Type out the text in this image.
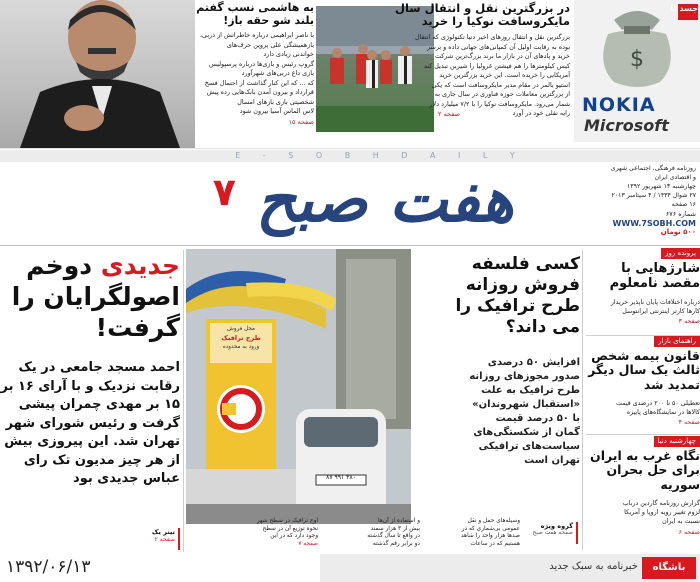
به هاشمی نسب گفتم
بلند شو حقه باز!
با ناصر ابراهیمی درباره خاطراتش از ذربی،
بازهمیشگی علی پروین حرف‌های
خواندنی زیادی دارد
گروپ رئیس و بازی‌ها درباره پرسپولیس
بازی داغ دربی‌های شهرآورد
که ... که این کنار گذاشت از احتمال فسخ
قرارداد و بیرون آمدن بانک‌هایی رده پیش
شخصیتی بازی بازهای امسال
لاس الماس آسیا بیرون شود
صفحه ۱۵
در بزرگترین نقل و انتقال سال
مایکروسافت نوکیا را خرید
بزرگترین نقل و انتقال روزهای اخیر دنیا تکنولوژی که انتقال
بوده به رقابت اولیل آن کمپانی‌های جهانی داده و برسر
خرید و پادهای آن در بازار ما برند بزرگ‌ترین شرکت
کیس کیلومترها را هم فیشتن غرولیا را شیرین تبدیل کند
آمریکایی را خریده است. این خرید بزرگترین خرید
استیو بالمر در مقام مدیر مایکروسافت است که یکی
از بزرگترین معاملات حوزه فناوری در سال جاری به
شمار می‌رود. مایکروسافت نوکیا را با ۷/۲ میلیارد دلار
رایه نقلی خود در آورد
صفحه ۲
$
جسد ثا
NOKIA
Microsoft
E - S O B H D A I L Y
هفت صبح
۷
روزنامه فرهنگی، اجتماعی شهری
و اقتصادی ایران
چهارشنبه ۱۳ شهریور ۱۳۹۲
۲۷ شوال ۱۴۳۴ / ۴ سپتامبر ۲۰۱۳
۱۶ صفحه
شماره ۶۷۶
WWW.7SOBH.COM
۵۰۰ تومان
پرونده روز
شارژهایی با
مقصد نامعلوم
درباره اختلافات پایان ناپذیر خریدار
کارها کارتر اینترنتی ایرانتوسل
صفحه ۳
راهنمای بازار
قانون بیمه شخص
ثالث یک سال دیگر
تمدید شد
تعطیلی ۵۰ تا ۲۰۰ درصدی قیمت
کالاها در نمایشگاه‌های پاییزه
صفحه ۴
چهارشنبه دنیا
نگاه غرب به ایران
برای حل بحران
سوریه
گزارش روزنامه گاردین درباب
لزوم تغییر رویه اروپا و آمریکا
نسبت به ایران
صفحه ۶
خبرنامه به سبک جدید	باشگاه
محل فروش
طرح ترافیک
ورود به محدوده
۳۸۰ ۹۹۱ ۸۷
کسی فلسفه
فروش روزانه
طرح ترافیک را
می داند؟
افزایش ۵۰ درصدی
صدور مجوزهای روزانه
طرح ترافیک به علت
«استقبال شهروندان»
با ۵۰ درصد قیمت
گمان از شکستگی‌های
سیاست‌های ترافیکی
تهران است
وسیله‌های حمل و نقل
عمومی بی‌شماری که در
صدها هزار واحد را شاهد
هستیم که در ساعات
و استفاده از آن‌ها
بیش از ۳ هزار سمند
در واقع تا سال گذشته
دو برابر رقم گذشته
اوج ترافیک در سطح شهر
نحوه توزیع آن در سطح
وجود دارد که در این
صفحه ۷
گروه ویژه
صفحه هفت صبح
جدیدی دوخم
اصولگرایان را
گرفت!
احمد مسجد جامعی در یک
رقابت نزدیک و با آرای ۱۶ بر
۱۵ بر مهدی چمران پیشی
گرفت و رئیس شورای شهر
تهران شد. این پیروزی بیش
از هر چیز مدیون تک رای
عباس جدیدی بود
تیتر یک
صفحه ۲
۱۳۹۲/۰۶/۱۳
